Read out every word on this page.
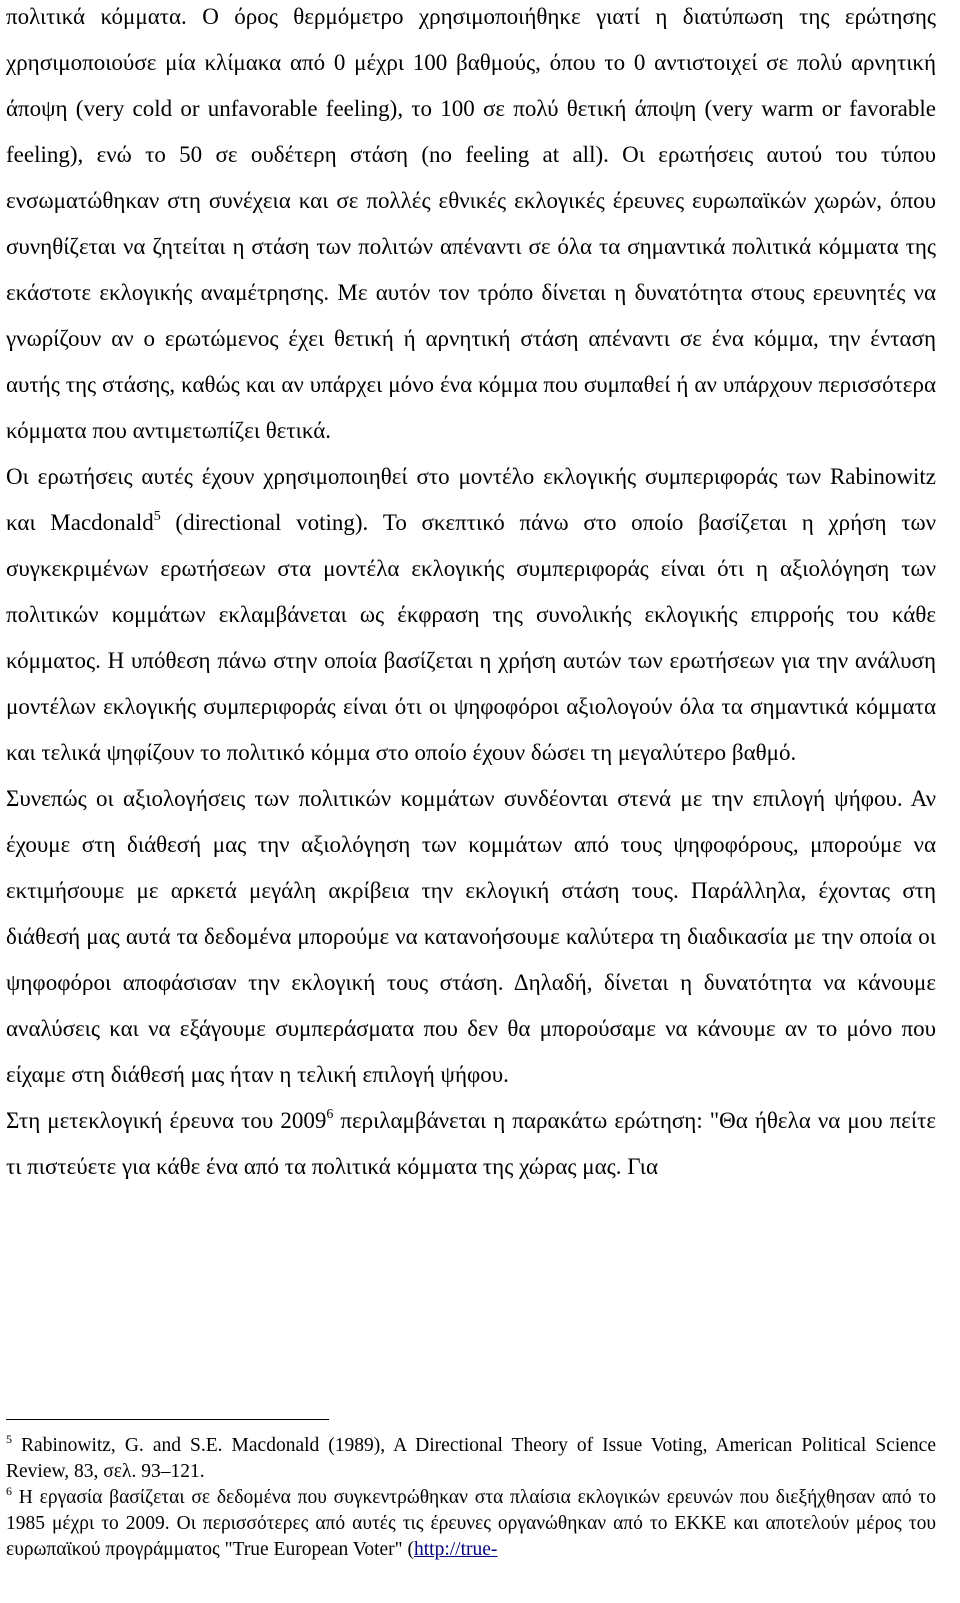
πολιτικά κόμματα. Ο όρος θερμόμετρο χρησιμοποιήθηκε γιατί η διατύπωση της ερώτησης χρησιμοποιούσε μία κλίμακα από 0 μέχρι 100 βαθμούς, όπου το 0 αντιστοιχεί σε πολύ αρνητική άποψη (very cold or unfavorable feeling), το 100 σε πολύ θετική άποψη (very warm or favorable feeling), ενώ το 50 σε ουδέτερη στάση (no feeling at all). Οι ερωτήσεις αυτού του τύπου ενσωματώθηκαν στη συνέχεια και σε πολλές εθνικές εκλογικές έρευνες ευρωπαϊκών χωρών, όπου συνηθίζεται να ζητείται η στάση των πολιτών απέναντι σε όλα τα σημαντικά πολιτικά κόμματα της εκάστοτε εκλογικής αναμέτρησης. Με αυτόν τον τρόπο δίνεται η δυνατότητα στους ερευνητές να γνωρίζουν αν ο ερωτώμενος έχει θετική ή αρνητική στάση απέναντι σε ένα κόμμα, την ένταση αυτής της στάσης, καθώς και αν υπάρχει μόνο ένα κόμμα που συμπαθεί ή αν υπάρχουν περισσότερα κόμματα που αντιμετωπίζει θετικά.

Οι ερωτήσεις αυτές έχουν χρησιμοποιηθεί στο μοντέλο εκλογικής συμπεριφοράς των Rabinowitz και Macdonald$^5$ (directional voting). Το σκεπτικό πάνω στο οποίο βασίζεται η χρήση των συγκεκριμένων ερωτήσεων στα μοντέλα εκλογικής συμπεριφοράς είναι ότι η αξιολόγηση των πολιτικών κομμάτων εκλαμβάνεται ως έκφραση της συνολικής εκλογικής επιρροής του κάθε κόμματος. Η υπόθεση πάνω στην οποία βασίζεται η χρήση αυτών των ερωτήσεων για την ανάλυση μοντέλων εκλογικής συμπεριφοράς είναι ότι οι ψηφοφόροι αξιολογούν όλα τα σημαντικά κόμματα και τελικά ψηφίζουν το πολιτικό κόμμα στο οποίο έχουν δώσει τη μεγαλύτερο βαθμό.

Συνεπώς οι αξιολογήσεις των πολιτικών κομμάτων συνδέονται στενά με την επιλογή ψήφου. Αν έχουμε στη διάθεσή μας την αξιολόγηση των κομμάτων από τους ψηφοφόρους, μπορούμε να εκτιμήσουμε με αρκετά μεγάλη ακρίβεια την εκλογική στάση τους. Παράλληλα, έχοντας στη διάθεσή μας αυτά τα δεδομένα μπορούμε να κατανοήσουμε καλύτερα τη διαδικασία με την οποία οι ψηφοφόροι αποφάσισαν την εκλογική τους στάση. Δηλαδή, δίνεται η δυνατότητα να κάνουμε αναλύσεις και να εξάγουμε συμπεράσματα που δεν θα μπορούσαμε να κάνουμε αν το μόνο που είχαμε στη διάθεσή μας ήταν η τελική επιλογή ψήφου.

Στη μετεκλογική έρευνα του 2009$^6$ περιλαμβάνεται η παρακάτω ερώτηση: "Θα ήθελα να μου πείτε τι πιστεύετε για κάθε ένα από τα πολιτικά κόμματα της χώρας μας. Για

$^5$ Rabinowitz, G. and S.E. Macdonald (1989), A Directional Theory of Issue Voting, American Political Science Review, 83, σελ. 93–121.

$^6$ Η εργασία βασίζεται σε δεδομένα που συγκεντρώθηκαν στα πλαίσια εκλογικών ερευνών που διεξήχθησαν από το 1985 μέχρι το 2009. Οι περισσότερες από αυτές τις έρευνες οργανώθηκαν από το ΕΚΚΕ και αποτελούν μέρος του ευρωπαϊκού προγράμματος "True European Voter" (http://true-
